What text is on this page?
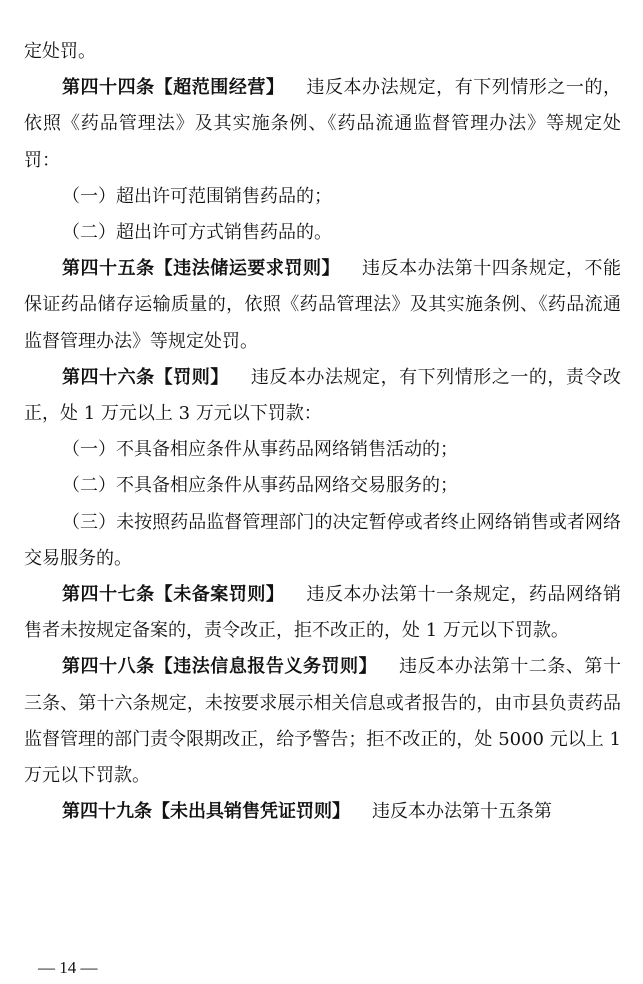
定处罚。

第四十四条【超范围经营】 违反本办法规定，有下列情形之一的，依照《药品管理法》及其实施条例、《药品流通监督管理办法》等规定处罚：

（一）超出许可范围销售药品的；

（二）超出许可方式销售药品的。

第四十五条【违法储运要求罚则】 违反本办法第十四条规定，不能保证药品储存运输质量的，依照《药品管理法》及其实施条例、《药品流通监督管理办法》等规定处罚。

第四十六条【罚则】 违反本办法规定，有下列情形之一的，责令改正，处 1 万元以上 3 万元以下罚款：

（一）不具备相应条件从事药品网络销售活动的；

（二）不具备相应条件从事药品网络交易服务的；

（三）未按照药品监督管理部门的决定暂停或者终止网络销售或者网络交易服务的。

第四十七条【未备案罚则】 违反本办法第十一条规定，药品网络销售者未按规定备案的，责令改正，拒不改正的，处 1 万元以下罚款。

第四十八条【违法信息报告义务罚则】 违反本办法第十二条、第十三条、第十六条规定，未按要求展示相关信息或者报告的，由市县负责药品监督管理的部门责令限期改正，给予警告；拒不改正的，处 5000 元以上 1 万元以下罚款。

第四十九条【未出具销售凭证罚则】 违反本办法第十五条第

— 14 —
